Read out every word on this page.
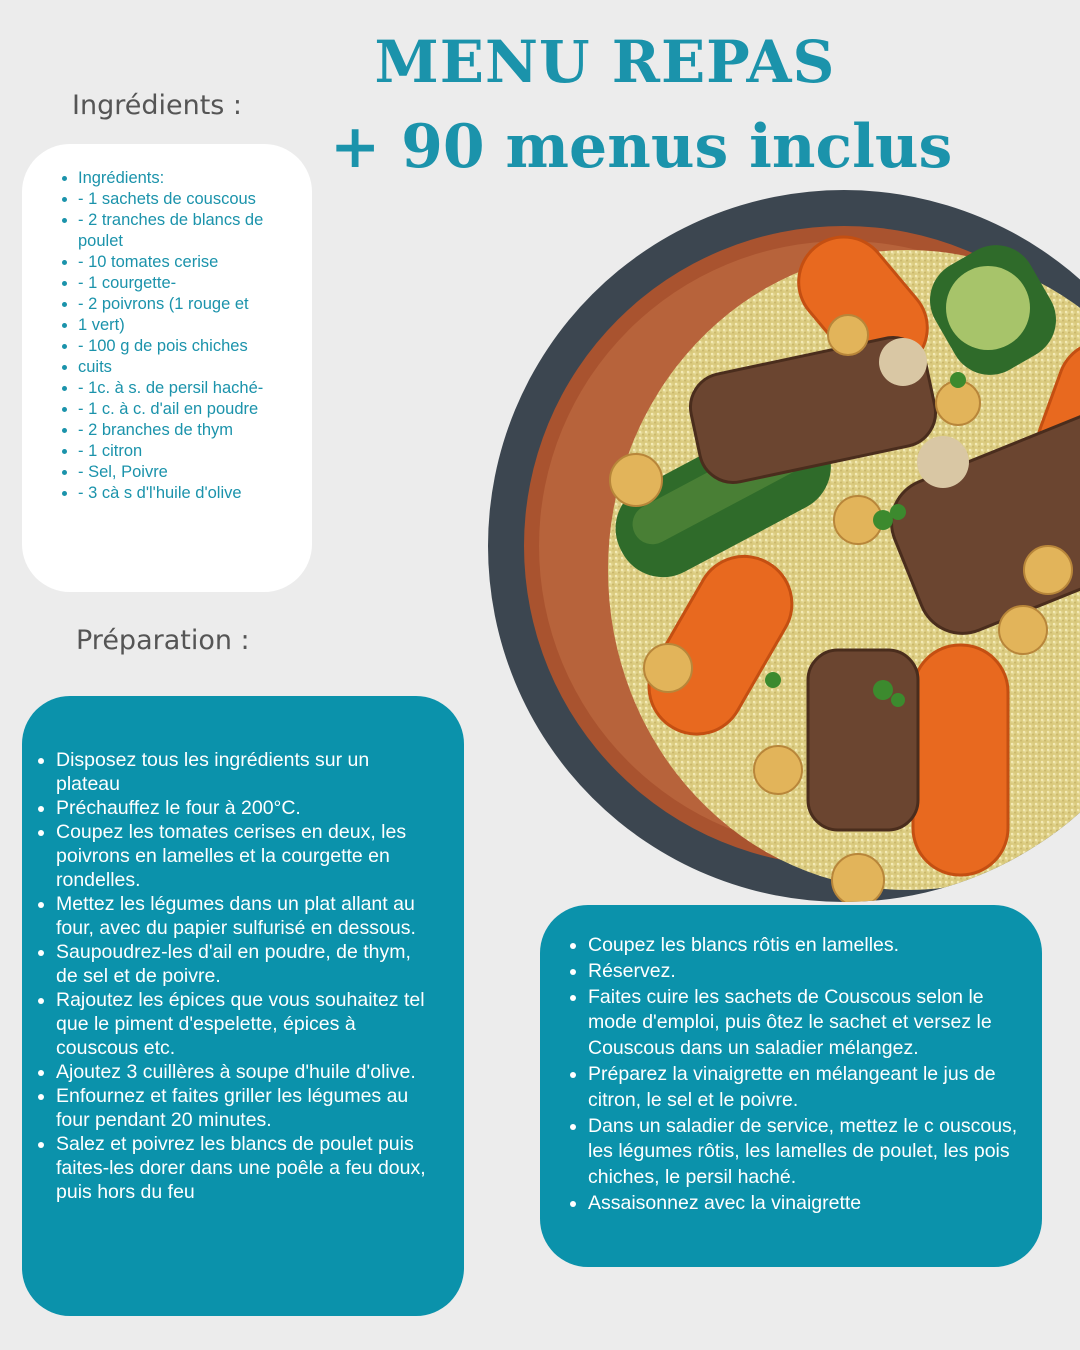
MENU REPAS
+ 90 menus inclus
Ingrédients :
• Ingrédients:
• - 1 sachets de couscous
• - 2 tranches de blancs de poulet
• - 10 tomates cerise
• - 1 courgette-
• - 2 poivrons (1 rouge et
• 1 vert)
• - 100 g de pois chiches
• cuits
• - 1c. à s. de persil haché-
• - 1 c. à c. d'ail en poudre
• - 2 branches de thym
• - 1 citron
• - Sel, Poivre
• - 3 cà s d'l'huile d'olive
Préparation :
• Disposez tous les ingrédients sur un plateau
• Préchauffez le four à 200°C.
• Coupez les tomates cerises en deux, les poivrons en lamelles et la courgette en rondelles.
• Mettez les légumes dans un plat allant au four, avec du papier sulfurisé en dessous.
• Saupoudrez-les d'ail en poudre, de thym, de sel et de poivre.
• Rajoutez les épices que vous souhaitez tel que le piment d'espelette, épices à couscous etc.
• Ajoutez 3 cuillères à soupe d'huile d'olive.
• Enfournez et faites griller les légumes au four pendant 20 minutes.
• Salez et poivrez les blancs de poulet puis faites-les dorer dans une poêle a feu doux, puis hors du feu
• Coupez les blancs rôtis en lamelles.
• Réservez.
• Faites cuire les sachets de Couscous selon le mode d'emploi, puis ôtez le sachet et versez le Couscous dans un saladier mélangez.
• Préparez la vinaigrette en mélangeant le jus de citron, le sel et le poivre.
• Dans un saladier de service, mettez le c ouscous, les légumes rôtis, les lamelles de poulet, les pois chiches, le persil haché.
• Assaisonnez avec la vinaigrette
